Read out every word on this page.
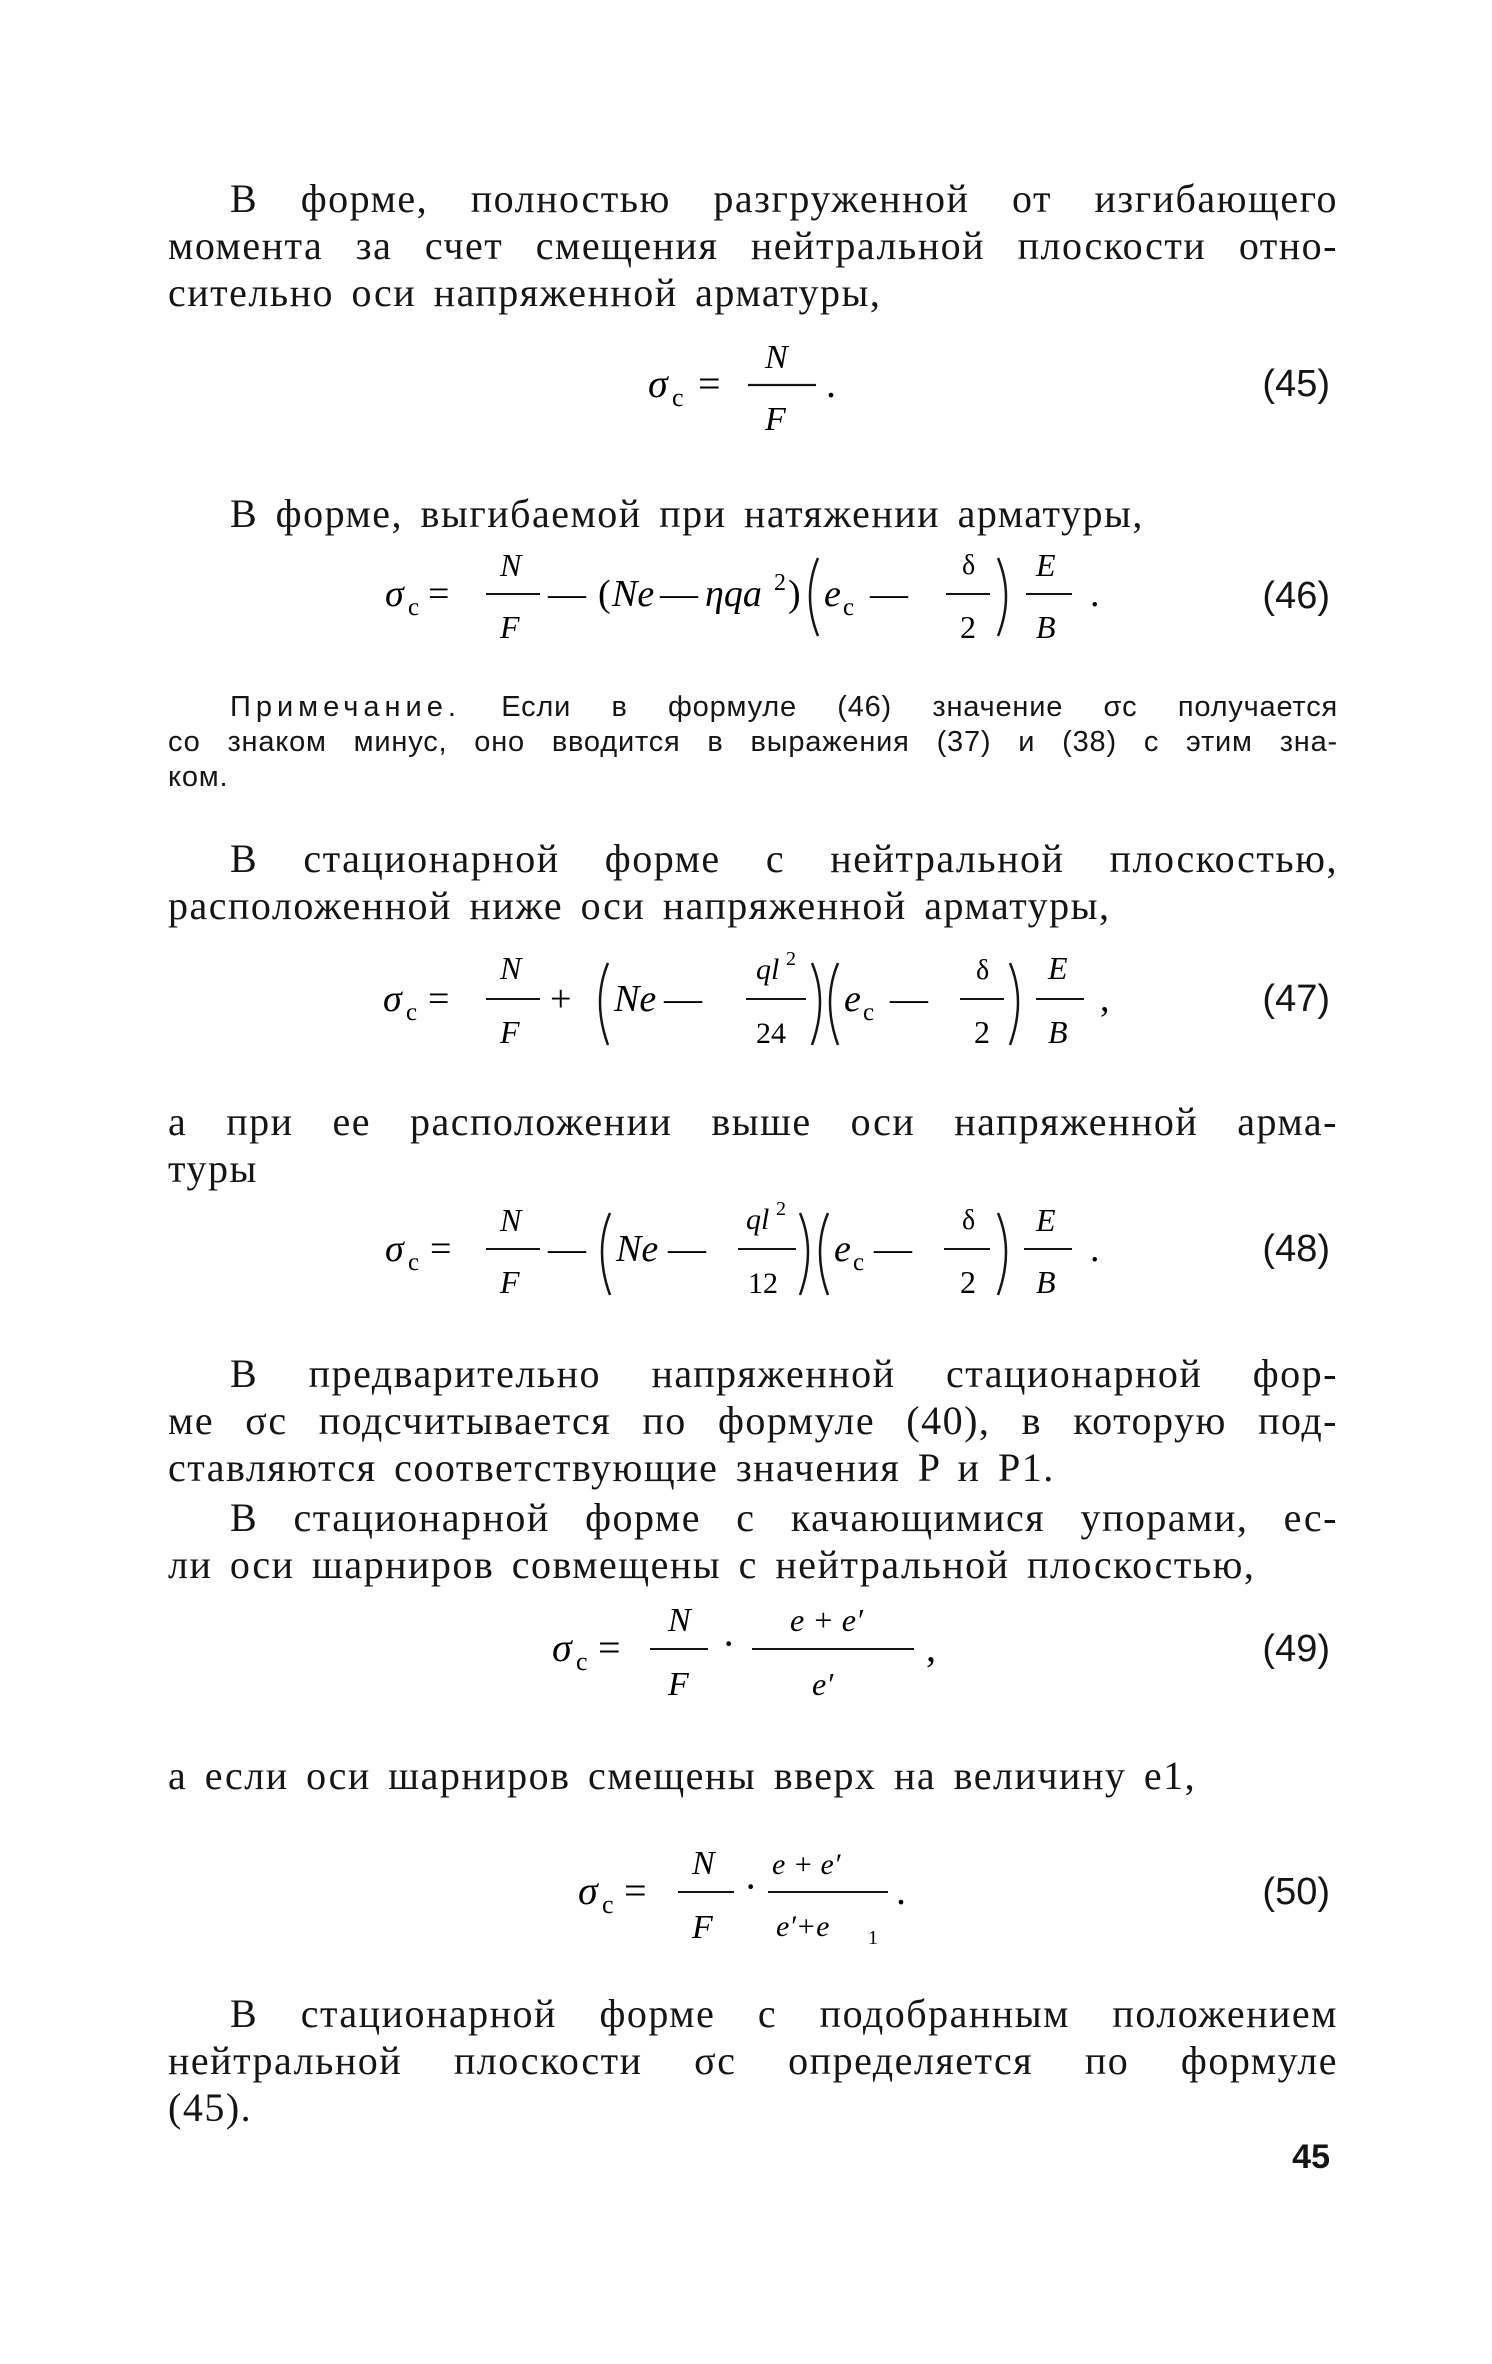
В форме, полностью разгруженной от изгибающего
момента за счет смещения нейтральной плоскости отно-
сительно оси напряженной арматуры,
σ c =
N
F
.	(45)
В форме, выгибаемой при натяжении арматуры,
σ c =
N
F
— ( Ne — ηqa 2 ) e c —
δ
2
E
B
.	(46)
Примечание. Если в формуле (46) значение σc получается
со знаком минус, оно вводится в выражения (37) и (38) с этим зна-
ком.
В стационарной форме с нейтральной плоскостью,
расположенной ниже оси напряженной арматуры,
σ c =
N
F
+ Ne —
ql 2
24
e c —
δ
2
E
B
,	(47)
а при ее расположении выше оси напряженной арма-
туры
σ c =
N
F
— Ne —
ql 2
12
e c —
δ
2
E
B
.	(48)
В предварительно напряженной стационарной фор-
ме σc подсчитывается по формуле (40), в которую под-
ставляются соответствующие значения P и P1.
В стационарной форме с качающимися упорами, ес-
ли оси шарниров совмещены с нейтральной плоскостью,
σ c =
N
F
·
e + e′
e′
,	(49)
а если оси шарниров смещены вверх на величину e1,
σ c =
N
F
· e + e′
e′+e 1
.	(50)
В стационарной форме с подобранным положением
нейтральной плоскости σc определяется по формуле
(45).
45
